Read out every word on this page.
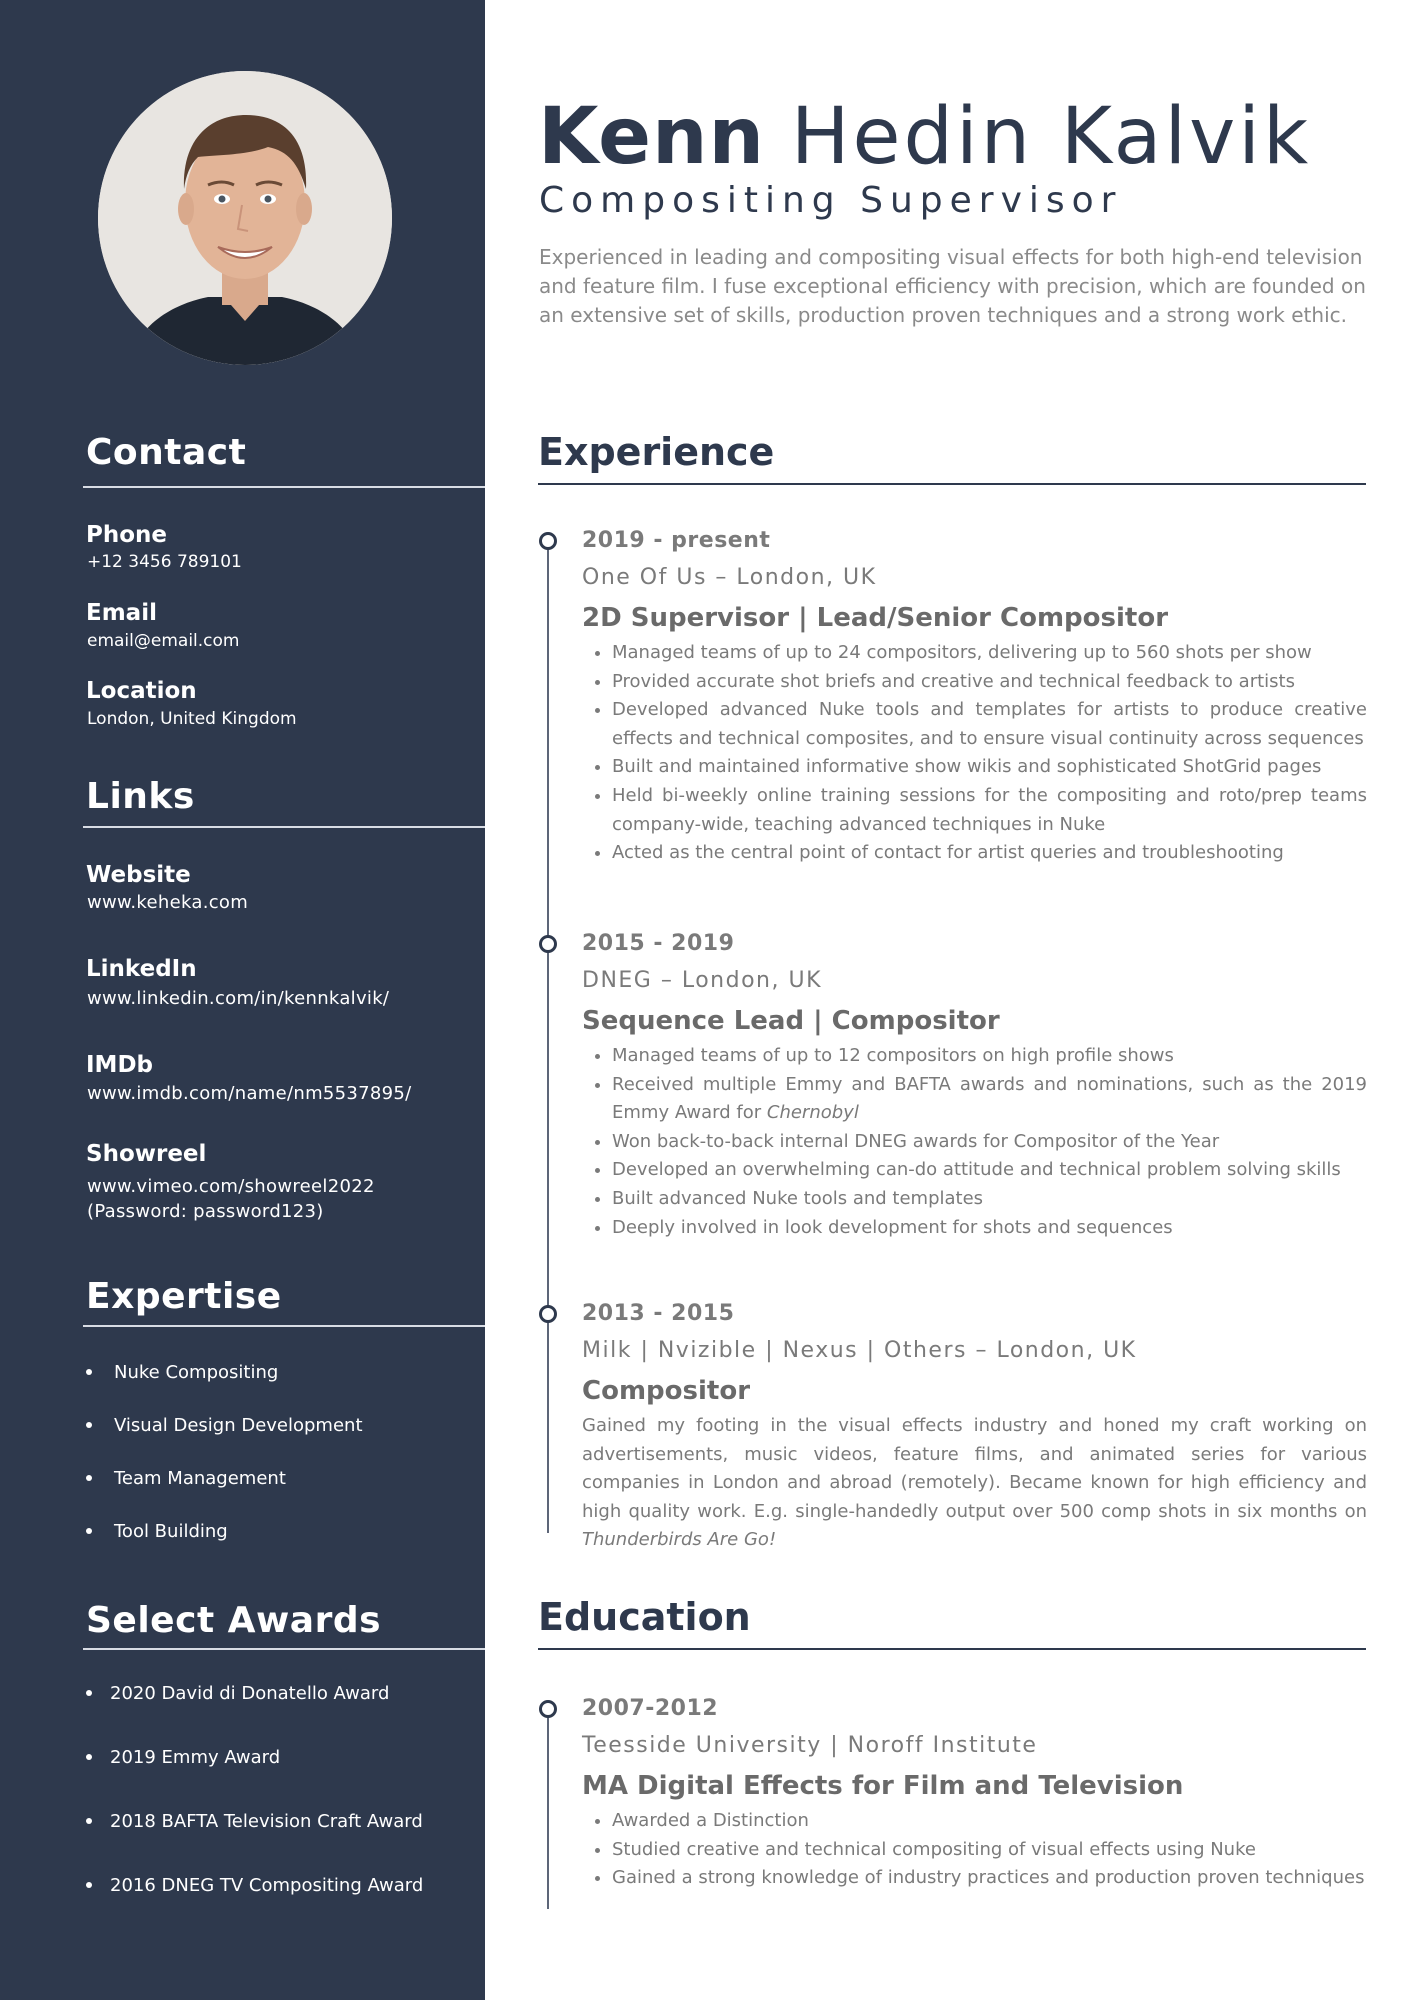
Contact
Phone
+12 3456 789101
Email
email@email.com
Location
London, United Kingdom
Links
Website
www.keheka.com
LinkedIn
www.linkedin.com/in/kennkalvik/
IMDb
www.imdb.com/name/nm5537895/
Showreel
www.vimeo.com/showreel2022
(Password: password123)
Expertise
Nuke Compositing
Visual Design Development
Team Management
Tool Building
Select Awards
2020 David di Donatello Award
2019 Emmy Award
2018 BAFTA Television Craft Award
2016 DNEG TV Compositing Award
Kenn Hedin Kalvik
Compositing Supervisor
Experienced in leading and compositing visual effects for both high-end television and feature film. I fuse exceptional efficiency with precision, which are founded on an extensive set of skills, production proven techniques and a strong work ethic.
Experience
2019 - present
One Of Us – London, UK
2D Supervisor | Lead/Senior Compositor
• Managed teams of up to 24 compositors, delivering up to 560 shots per show
• Provided accurate shot briefs and creative and technical feedback to artists
• Developed advanced Nuke tools and templates for artists to produce creative effects and technical composites, and to ensure visual continuity across sequences
• Built and maintained informative show wikis and sophisticated ShotGrid pages
• Held bi-weekly online training sessions for the compositing and roto/prep teams company-wide, teaching advanced techniques in Nuke
• Acted as the central point of contact for artist queries and troubleshooting
2015 - 2019
DNEG – London, UK
Sequence Lead | Compositor
• Managed teams of up to 12 compositors on high profile shows
• Received multiple Emmy and BAFTA awards and nominations, such as the 2019 Emmy Award for Chernobyl
• Won back-to-back internal DNEG awards for Compositor of the Year
• Developed an overwhelming can-do attitude and technical problem solving skills
• Built advanced Nuke tools and templates
• Deeply involved in look development for shots and sequences
2013 - 2015
Milk | Nvizible | Nexus | Others – London, UK
Compositor

Gained my footing in the visual effects industry and honed my craft working on advertisements, music videos, feature films, and animated series for various companies in London and abroad (remotely). Became known for high efficiency and high quality work. E.g. single-handedly output over 500 comp shots in six months on Thunderbirds Are Go!

Education
2007-2012
Teesside University | Noroff Institute
MA Digital Effects for Film and Television
• Awarded a Distinction
• Studied creative and technical compositing of visual effects using Nuke
• Gained a strong knowledge of industry practices and production proven techniques
